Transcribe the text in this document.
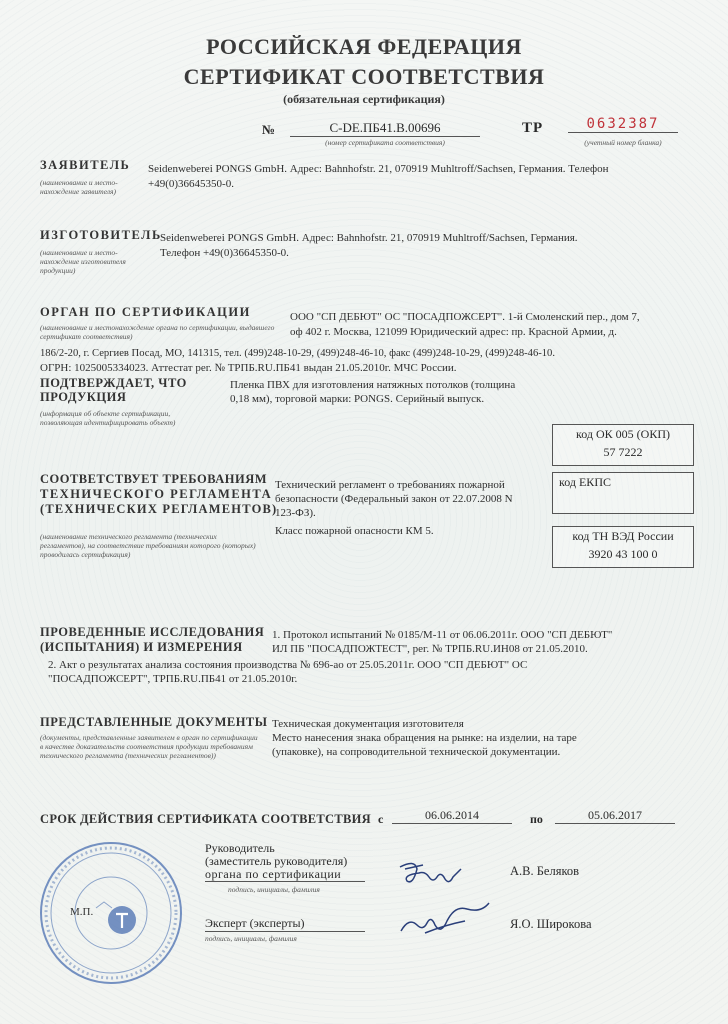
РОССИЙСКАЯ ФЕДЕРАЦИЯ
СЕРТИФИКАТ СООТВЕТСТВИЯ
(обязательная сертификация)
№	C-DE.ПБ41.В.00696
(номер сертификата соответствия)
ТР	0632387
(учетный номер бланка)
ЗАЯВИТЕЛЬ
(наименование и место-нахождение заявителя)
Seidenweberei PONGS GmbH. Адрес: Bahnhofstr. 21, 070919 Muhltroff/Sachsen, Германия. Телефон
+49(0)36645350-0.
ИЗГОТОВИТЕЛЬ
(наименование и место-нахождение изготовителя продукции)
Seidenweberei PONGS GmbH. Адрес: Bahnhofstr. 21, 070919 Muhltroff/Sachsen, Германия.
Телефон +49(0)36645350-0.
ОРГАН ПО СЕРТИФИКАЦИИ
(наименование и местонахождение органа по сертификации, выдавшего сертификат соответствия)
ООО "СП ДЕБЮТ" ОС "ПОСАДПОЖСЕРТ". 1-й Смоленский пер., дом 7,
оф 402 г. Москва, 121099 Юридический адрес: пр. Красной Армии, д.
186/2-20, г. Сергиев Посад, МО, 141315, тел. (499)248-10-29, (499)248-46-10, факс (499)248-10-29, (499)248-46-10.
ОГРН: 1025005334023. Аттестат рег. № ТРПБ.RU.ПБ41 выдан 21.05.2010г. МЧС России.
ПОДТВЕРЖДАЕТ, ЧТО
ПРОДУКЦИЯ
(информация об объекте сертификации, позволяющая идентифицировать объект)
Пленка ПВХ для изготовления натяжных потолков (толщина
0,18 мм), торговой марки: PONGS. Серийный выпуск.
код ОК 005 (ОКП)
57 7222
код ЕКПС
код ТН ВЭД России
3920 43 100 0
СООТВЕТСТВУЕТ ТРЕБОВАНИЯМ
ТЕХНИЧЕСКОГО РЕГЛАМЕНТА
(ТЕХНИЧЕСКИХ РЕГЛАМЕНТОВ)
(наименование технического регламента (технических регламентов), на соответствие требованиям которого (которых) проводилась сертификация)
Технический регламент о требованиях пожарной
безопасности (Федеральный закон от 22.07.2008 N
123-ФЗ).
Класс пожарной опасности КМ 5.
ПРОВЕДЕННЫЕ ИССЛЕДОВАНИЯ
(ИСПЫТАНИЯ) И ИЗМЕРЕНИЯ
1. Протокол испытаний № 0185/М-11 от 06.06.2011г. ООО "СП ДЕБЮТ"
ИЛ ПБ "ПОСАДПОЖТЕСТ", рег. № ТРПБ.RU.ИН08 от 21.05.2010.
2. Акт о результатах анализа состояния производства № 696-ао от 25.05.2011г. ООО "СП ДЕБЮТ" ОС
"ПОСАДПОЖСЕРТ", ТРПБ.RU.ПБ41 от 21.05.2010г.
ПРЕДСТАВЛЕННЫЕ ДОКУМЕНТЫ
(документы, представленные заявителем в орган по сертификации в качестве доказательств соответствия продукции требованиям технического регламента (технических регламентов))
Техническая документация изготовителя
Место нанесения знака обращения на рынке: на изделии, на таре
(упаковке), на сопроводительной технической документации.
СРОК ДЕЙСТВИЯ СЕРТИФИКАТА СООТВЕТСТВИЯ с	06.06.2014	по	05.06.2017
М.П.
Руководитель
(заместитель руководителя)
органа по сертификации
подпись, инициалы, фамилия
А.В. Беляков
Эксперт (эксперты)
подпись, инициалы, фамилия
Я.О. Широкова
